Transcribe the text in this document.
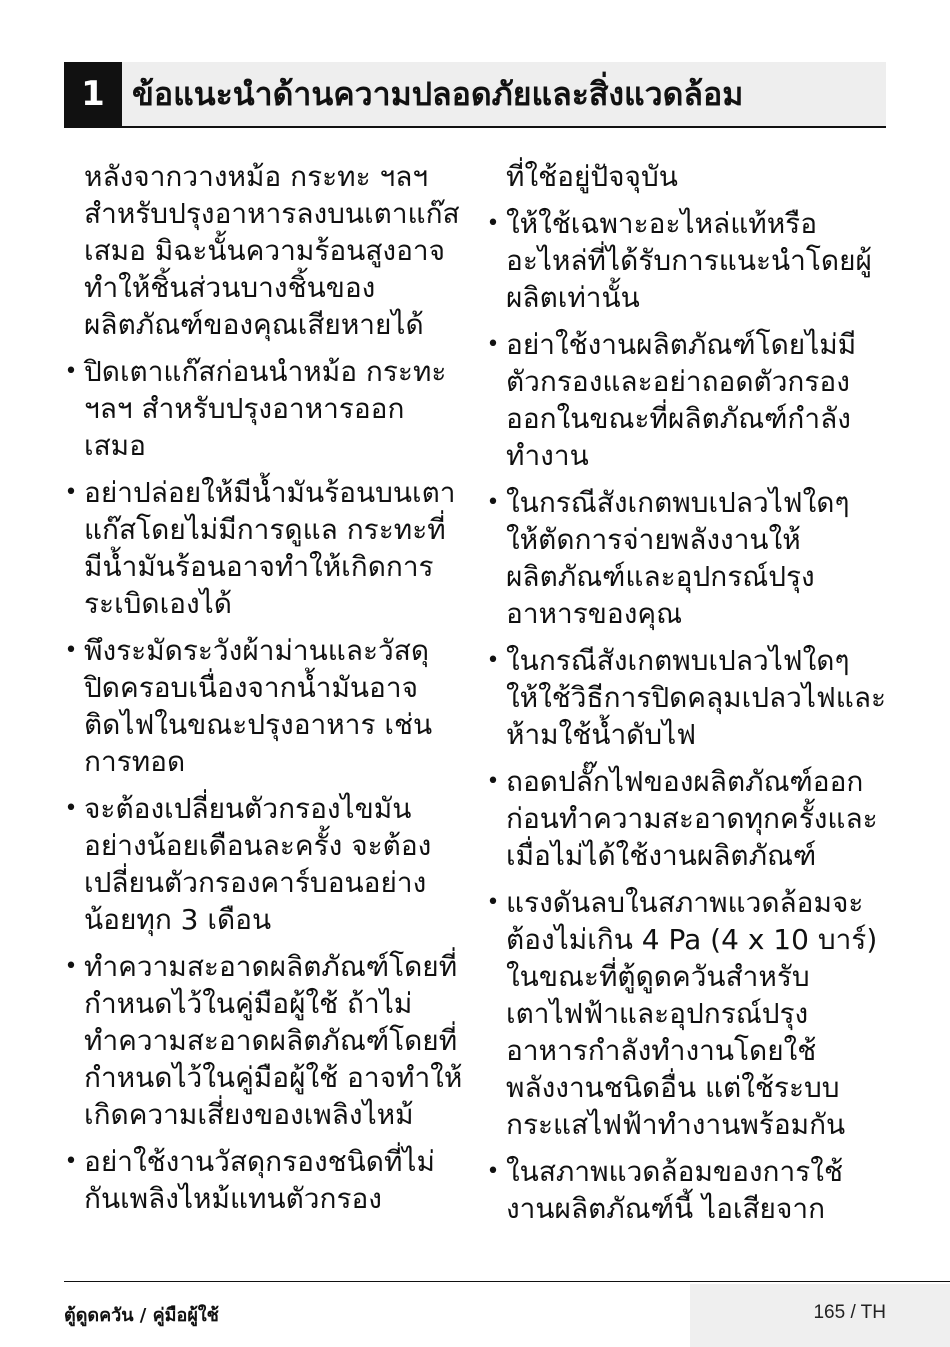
1 ข้อแนะนำด้านความปลอดภัยและสิ่งแวดล้อม

หลังจากวางหม้อ กระทะ ฯลฯ สำหรับปรุงอาหารลงบนเตาแก๊สเสมอ มิฉะนั้นความร้อนสูงอาจทำให้ชิ้นส่วนบางชิ้นของผลิตภัณฑ์ของคุณเสียหายได้

• ปิดเตาแก๊สก่อนนำหม้อ กระทะ ฯลฯ สำหรับปรุงอาหารออกเสมอ
• อย่าปล่อยให้มีน้ำมันร้อนบนเตาแก๊สโดยไม่มีการดูแล กระทะที่มีน้ำมันร้อนอาจทำให้เกิดการระเบิดเองได้
• พึงระมัดระวังผ้าม่านและวัสดุปิดครอบเนื่องจากน้ำมันอาจติดไฟในขณะปรุงอาหาร เช่น การทอด
• จะต้องเปลี่ยนตัวกรองไขมันอย่างน้อยเดือนละครั้ง จะต้องเปลี่ยนตัวกรองคาร์บอนอย่างน้อยทุก 3 เดือน
• ทำความสะอาดผลิตภัณฑ์โดยที่กำหนดไว้ในคู่มือผู้ใช้ ถ้าไม่ทำความสะอาดผลิตภัณฑ์โดยที่กำหนดไว้ในคู่มือผู้ใช้ อาจทำให้เกิดความเสี่ยงของเพลิงไหม้
• อย่าใช้งานวัสดุกรองชนิดที่ไม่กันเพลิงไหม้แทนตัวกรอง

ที่ใช้อยู่ปัจจุบัน

• ให้ใช้เฉพาะอะไหล่แท้หรืออะไหล่ที่ได้รับการแนะนำโดยผู้ผลิตเท่านั้น
• อย่าใช้งานผลิตภัณฑ์โดยไม่มีตัวกรองและอย่าถอดตัวกรองออกในขณะที่ผลิตภัณฑ์กำลังทำงาน
• ในกรณีสังเกตพบเปลวไฟใดๆ ให้ตัดการจ่ายพลังงานให้ผลิตภัณฑ์และอุปกรณ์ปรุงอาหารของคุณ
• ในกรณีสังเกตพบเปลวไฟใดๆ ให้ใช้วิธีการปิดคลุมเปลวไฟและห้ามใช้น้ำดับไฟ
• ถอดปลั๊กไฟของผลิตภัณฑ์ออกก่อนทำความสะอาดทุกครั้งและเมื่อไม่ได้ใช้งานผลิตภัณฑ์
• แรงดันลบในสภาพแวดล้อมจะต้องไม่เกิน 4 Pa (4 x 10 บาร์) ในขณะที่ตู้ดูดควันสำหรับเตาไฟฟ้าและอุปกรณ์ปรุงอาหารกำลังทำงานโดยใช้พลังงานชนิดอื่น แต่ใช้ระบบกระแสไฟฟ้าทำงานพร้อมกัน
• ในสภาพแวดล้อมของการใช้งานผลิตภัณฑ์นี้ ไอเสียจาก
ตู้ดูดควัน / คู่มือผู้ใช้	165 / TH
